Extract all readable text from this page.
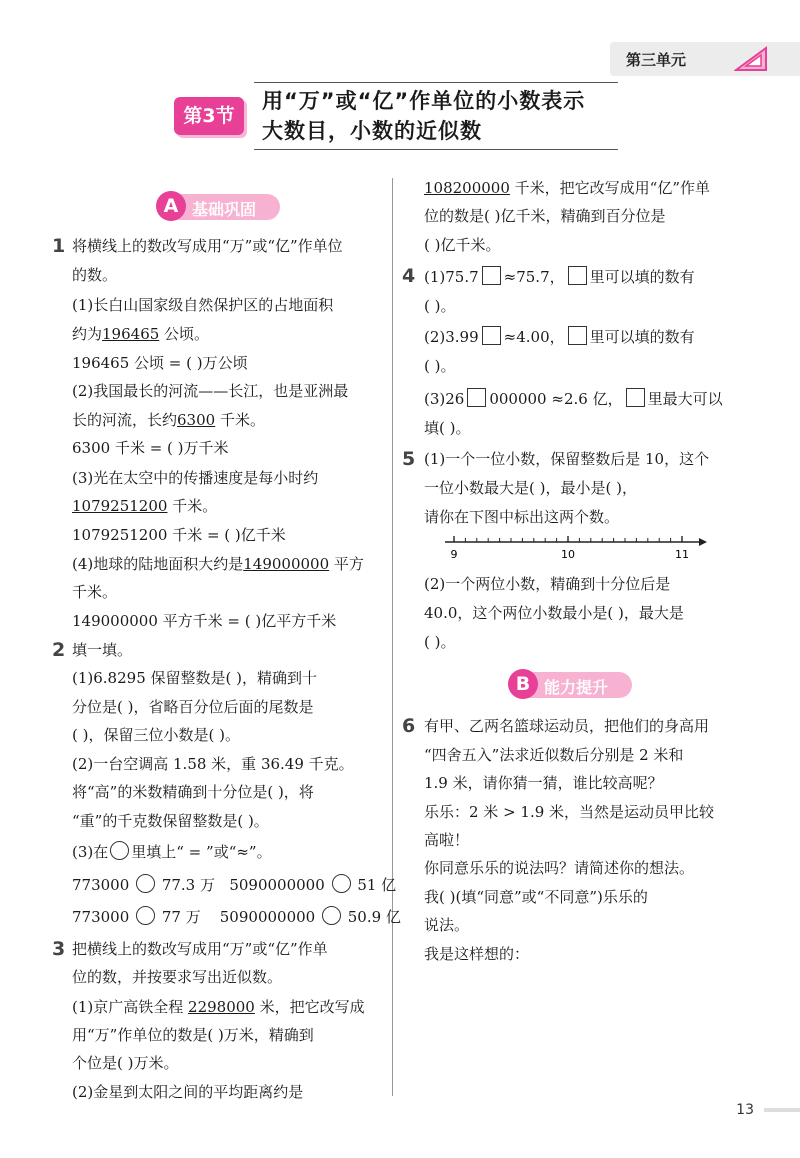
第三单元
第3节
用“万”或“亿”作单位的小数表示
大数目，小数的近似数
A 基础巩固
1 将横线上的数改写成用“万”或“亿”作单位
的数。
(1)长白山国家级自然保护区的占地面积
约为196465 公顷。
196465 公顷 = ( )万公顷
(2)我国最长的河流——长江，也是亚洲最
长的河流，长约6300 千米。
6300 千米 = ( )万千米
(3)光在太空中的传播速度是每小时约
1079251200 千米。
1079251200 千米 = ( )亿千米
(4)地球的陆地面积大约是149000000 平方
千米。
149000000 平方千米 = ( )亿平方千米
2 填一填。
(1)6.8295 保留整数是( )，精确到十
分位是( )，省略百分位后面的尾数是
( )，保留三位小数是( )。
(2)一台空调高 1.58 米，重 36.49 千克。
将“高”的米数精确到十分位是( )，将
“重”的千克数保留整数是( )。
(3)在 里填上“ = ”或“≈”。
773000 77.3 万 5090000000 51 亿
773000 77 万 5090000000 50.9 亿
3 把横线上的数改写成用“万”或“亿”作单
位的数，并按要求写出近似数。
(1)京广高铁全程 2298000 米，把它改写成
用“万”作单位的数是( )万米，精确到
个位是( )万米。
(2)金星到太阳之间的平均距离约是
108200000 千米，把它改写成用“亿”作单
位的数是( )亿千米，精确到百分位是
( )亿千米。
4 (1)75.7 ≈75.7， 里可以填的数有
( )。
(2)3.99 ≈4.00， 里可以填的数有
( )。
(3)26 000000 ≈2.6 亿， 里最大可以
填( )。
5 (1)一个一位小数，保留整数后是 10，这个
一位小数最大是( )，最小是( )，
请你在下图中标出这两个数。
9	10	11
(2)一个两位小数，精确到十分位后是
40.0，这个两位小数最小是( )，最大是
( )。
B 能力提升
6 有甲、乙两名篮球运动员，把他们的身高用
“四舍五入”法求近似数后分别是 2 米和
1.9 米，请你猜一猜，谁比较高呢？
乐乐：2 米 > 1.9 米，当然是运动员甲比较
高啦！
你同意乐乐的说法吗？请简述你的想法。
我( )(填“同意”或“不同意”)乐乐的
说法。
我是这样想的：
13
